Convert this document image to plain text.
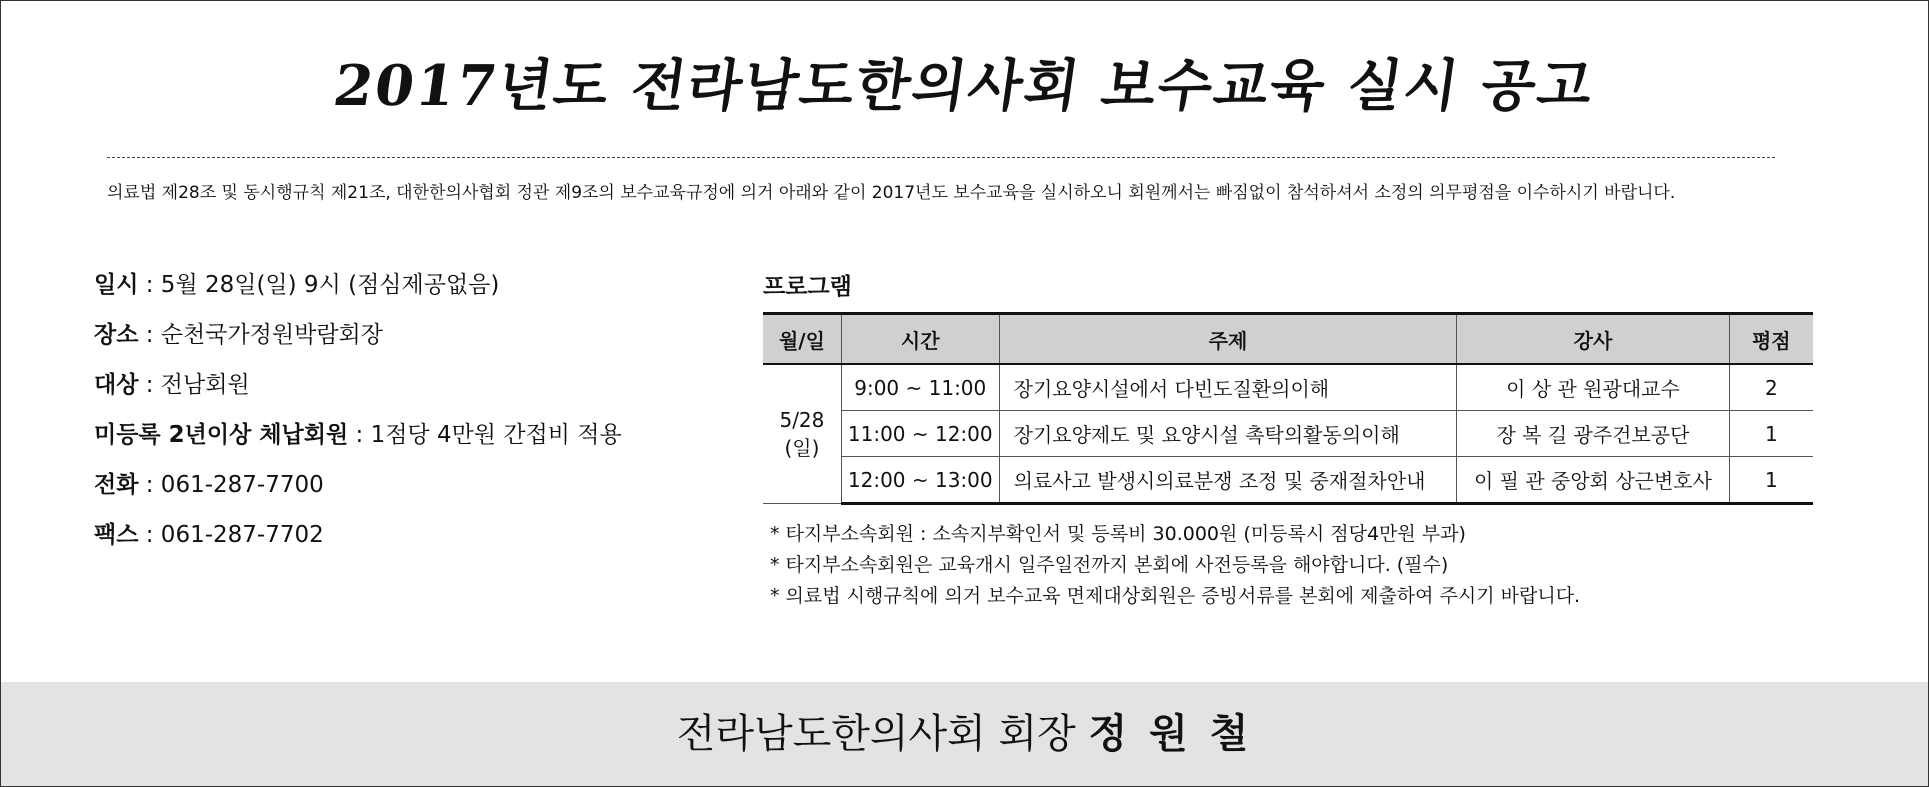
2017년도 전라남도한의사회 보수교육 실시 공고
의료법 제28조 및 동시행규칙 제21조, 대한한의사협회 정관 제9조의 보수교육규정에 의거 아래와 같이 2017년도 보수교육을 실시하오니 회원께서는 빠짐없이 참석하셔서 소정의 의무평점을 이수하시기 바랍니다.
일시 : 5월 28일(일) 9시 (점심제공없음)
장소 : 순천국가정원박람회장
대상 : 전남회원
미등록 2년이상 체납회원 : 1점당 4만원 간접비 적용
전화 : 061-287-7700
팩스 : 061-287-7702
프로그램
월/일	시간	주제	강사	평점

5/28
(일)	9:00 ~ 11:00	장기요양시설에서 다빈도질환의이해	이 상 관 원광대교수	2
	11:00 ~ 12:00	장기요양제도 및 요양시설 촉탁의활동의이해	장 복 길 광주건보공단	1
	12:00 ~ 13:00	의료사고 발생시의료분쟁 조정 및 중재절차안내	이 필 관 중앙회 상근변호사	1
* 타지부소속회원 : 소속지부확인서 및 등록비 30.000원 (미등록시 점당4만원 부과)
* 타지부소속회원은 교육개시 일주일전까지 본회에 사전등록을 해야합니다. (필수)
* 의료법 시행규칙에 의거 보수교육 면제대상회원은 증빙서류를 본회에 제출하여 주시기 바랍니다.
전라남도한의사회 회장 정 원 철
